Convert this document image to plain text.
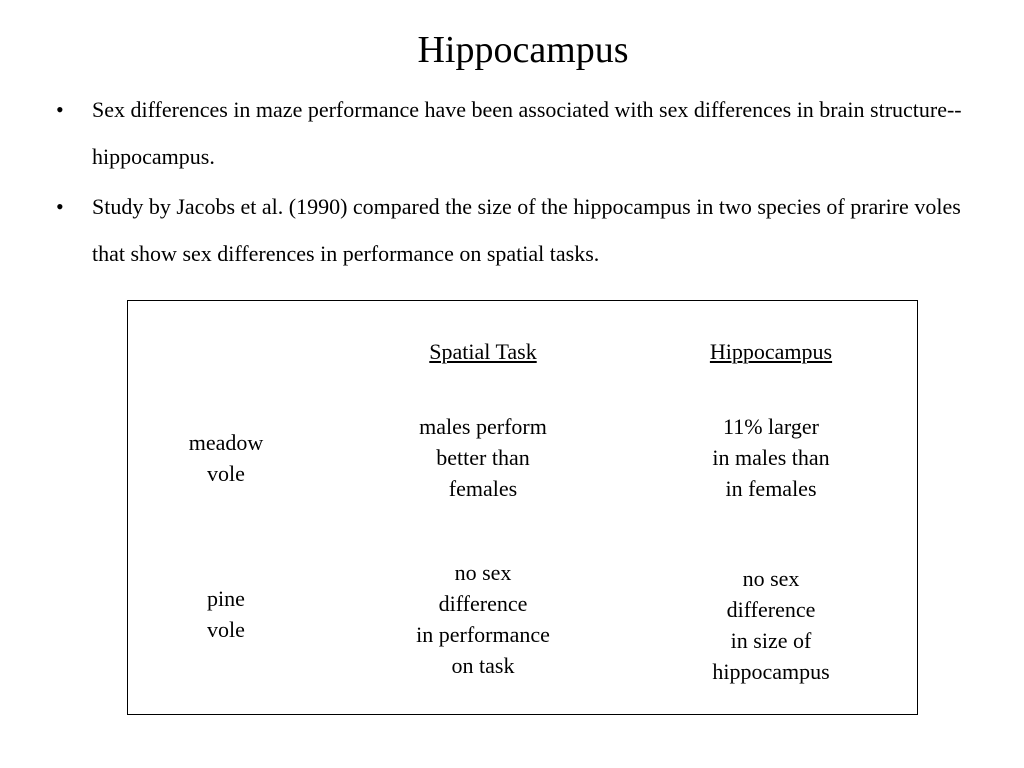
Hippocampus
• Sex differences in maze performance have been associated with sex differences in brain structure--hippocampus.
• Study by Jacobs et al. (1990) compared the size of the hippocampus in two species of prarire voles that show sex differences in performance on spatial tasks.
Spatial Task	Hippocampus
meadow
vole
males perform
better than
females
11% larger
in males than
in females
pine
vole
no sex
difference
in performance
on task
no sex
difference
in size of
hippocampus
